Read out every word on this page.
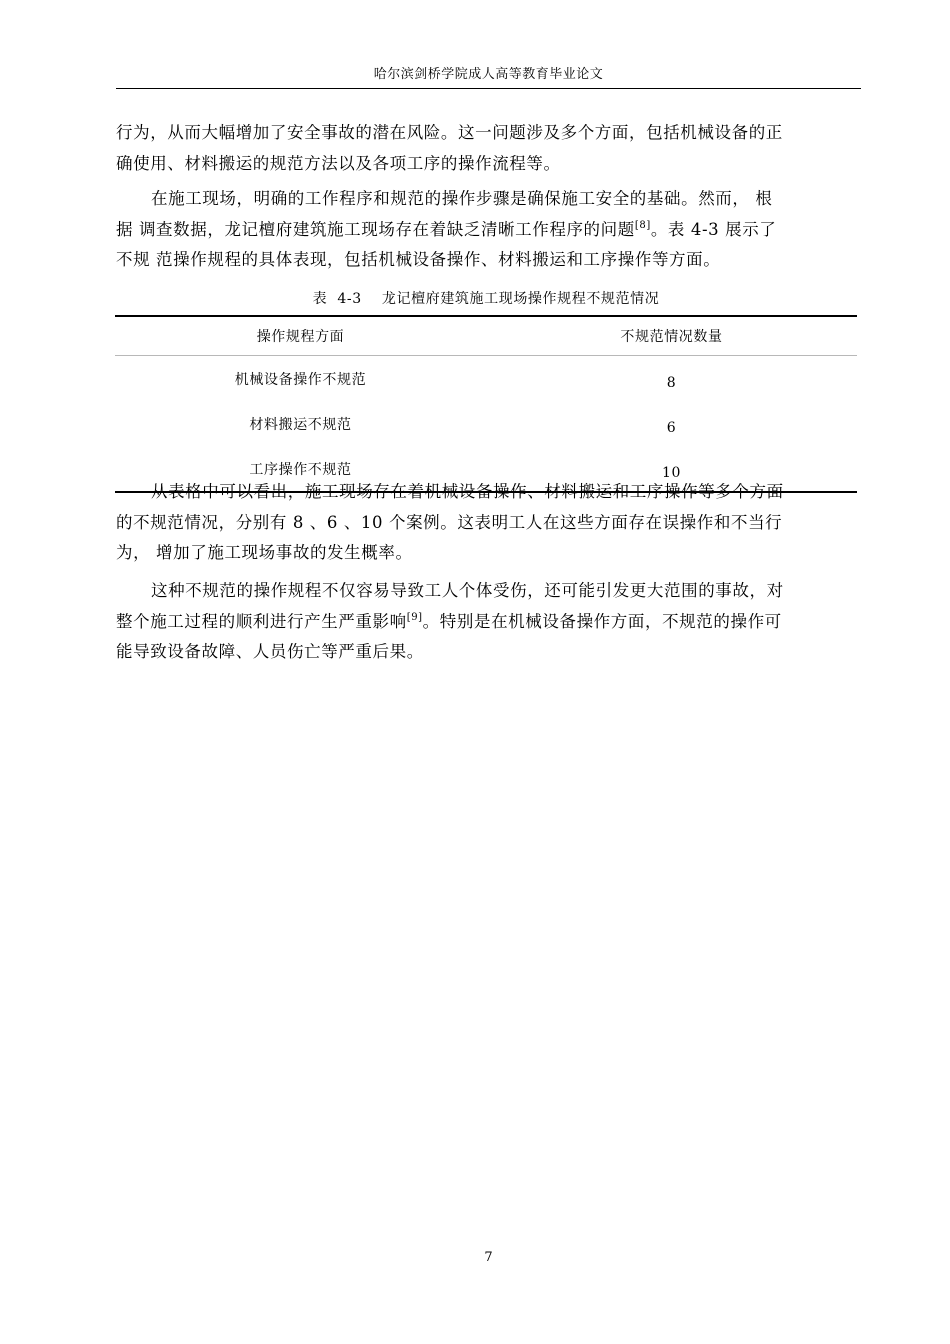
哈尔滨剑桥学院成人高等教育毕业论文

行为，从而大幅增加了安全事故的潜在风险。这一问题涉及多个方面，包括机械设备的正
确使用、材料搬运的规范方法以及各项工序的操作流程等。

在施工现场，明确的工作程序和规范的操作步骤是确保施工安全的基础。然而， 根
据 调查数据，龙记檀府建筑施工现场存在着缺乏清晰工作程序的问题[8]。表 4-3 展示了
不规 范操作规程的具体表现，包括机械设备操作、材料搬运和工序操作等方面。

表  4-3    龙记檀府建筑施工现场操作规程不规范情况
操作规程方面	不规范情况数量
机械设备操作不规范	8
材料搬运不规范	6
工序操作不规范	10

从表格中可以看出，施工现场存在着机械设备操作、材料搬运和工序操作等多个方面
的不规范情况，分别有 8 、6 、10 个案例。这表明工人在这些方面存在误操作和不当行
为， 增加了施工现场事故的发生概率。

这种不规范的操作规程不仅容易导致工人个体受伤，还可能引发更大范围的事故，对
整个施工过程的顺利进行产生严重影响[9]。特别是在机械设备操作方面，不规范的操作可
能导致设备故障、人员伤亡等严重后果。

7
